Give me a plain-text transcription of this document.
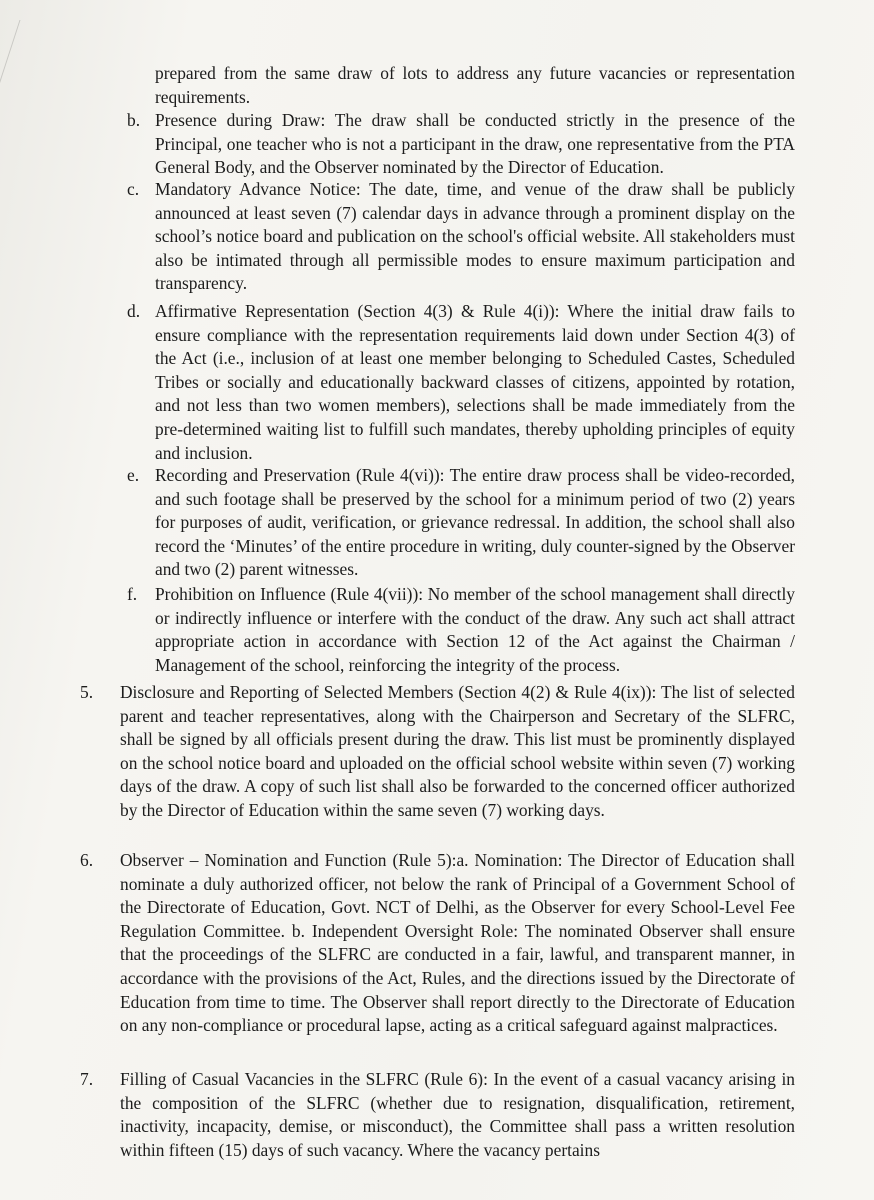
prepared from the same draw of lots to address any future vacancies or representation requirements.
b. Presence during Draw: The draw shall be conducted strictly in the presence of the Principal, one teacher who is not a participant in the draw, one representative from the PTA General Body, and the Observer nominated by the Director of Education.
c. Mandatory Advance Notice: The date, time, and venue of the draw shall be publicly announced at least seven (7) calendar days in advance through a prominent display on the school’s notice board and publication on the school's official website. All stakeholders must also be intimated through all permissible modes to ensure maximum participation and transparency.
d. Affirmative Representation (Section 4(3) & Rule 4(i)): Where the initial draw fails to ensure compliance with the representation requirements laid down under Section 4(3) of the Act (i.e., inclusion of at least one member belonging to Scheduled Castes, Scheduled Tribes or socially and educationally backward classes of citizens, appointed by rotation, and not less than two women members), selections shall be made immediately from the pre-determined waiting list to fulfill such mandates, thereby upholding principles of equity and inclusion.
e. Recording and Preservation (Rule 4(vi)): The entire draw process shall be video-recorded, and such footage shall be preserved by the school for a minimum period of two (2) years for purposes of audit, verification, or grievance redressal. In addition, the school shall also record the ‘Minutes’ of the entire procedure in writing, duly counter-signed by the Observer and two (2) parent witnesses.
f. Prohibition on Influence (Rule 4(vii)): No member of the school management shall directly or indirectly influence or interfere with the conduct of the draw. Any such act shall attract appropriate action in accordance with Section 12 of the Act against the Chairman / Management of the school, reinforcing the integrity of the process.
5. Disclosure and Reporting of Selected Members (Section 4(2) & Rule 4(ix)): The list of selected parent and teacher representatives, along with the Chairperson and Secretary of the SLFRC, shall be signed by all officials present during the draw. This list must be prominently displayed on the school notice board and uploaded on the official school website within seven (7) working days of the draw. A copy of such list shall also be forwarded to the concerned officer authorized by the Director of Education within the same seven (7) working days.
6. Observer – Nomination and Function (Rule 5):a. Nomination: The Director of Education shall nominate a duly authorized officer, not below the rank of Principal of a Government School of the Directorate of Education, Govt. NCT of Delhi, as the Observer for every School-Level Fee Regulation Committee. b. Independent Oversight Role: The nominated Observer shall ensure that the proceedings of the SLFRC are conducted in a fair, lawful, and transparent manner, in accordance with the provisions of the Act, Rules, and the directions issued by the Directorate of Education from time to time. The Observer shall report directly to the Directorate of Education on any non-compliance or procedural lapse, acting as a critical safeguard against malpractices.
7. Filling of Casual Vacancies in the SLFRC (Rule 6): In the event of a casual vacancy arising in the composition of the SLFRC (whether due to resignation, disqualification, retirement, inactivity, incapacity, demise, or misconduct), the Committee shall pass a written resolution within fifteen (15) days of such vacancy. Where the vacancy pertains
